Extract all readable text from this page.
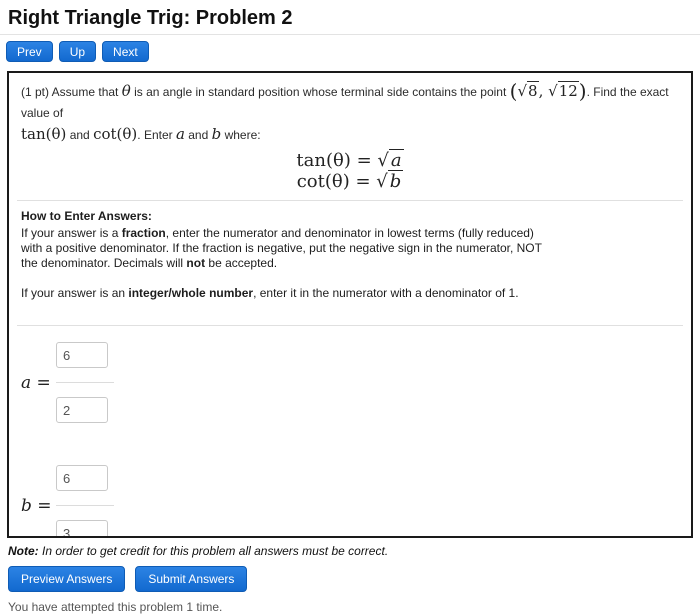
Right Triangle Trig: Problem 2
Prev	Up	Next

(1 pt) Assume that θ is an angle in standard position whose terminal side contains the point (√8, √12). Find the exact value of
tan(θ) and cot(θ). Enter a and b where:

tan(θ) = √ a
cot(θ) = √ b
How to Enter Answers:
If your answer is a fraction, enter the numerator and denominator in lowest terms (fully reduced)
with a positive denominator. If the fraction is negative, put the negative sign in the numerator, NOT
the denominator. Decimals will not be accepted.
If your answer is an integer/whole number, enter it in the numerator with a denominator of 1.
a =
6
2
b =
6
3
Note: In order to get credit for this problem all answers must be correct.
Preview Answers	Submit Answers
You have attempted this problem 1 time.
